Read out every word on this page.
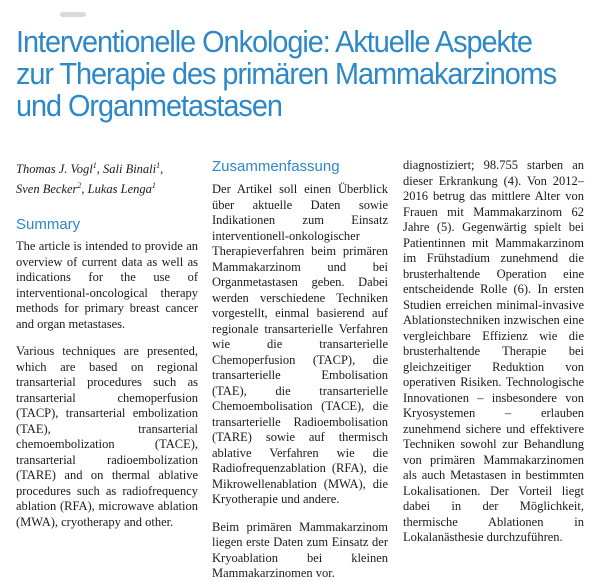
Interventionelle Onkologie: Aktuelle Aspekte
zur Therapie des primären Mammakarzinoms
und Organmetastasen
Thomas J. Vogl$^1$, Sali Binali$^1$,
Sven Becker$^2$, Lukas Lenga$^1$
Summary

The article is intended to provide an overview of current data as well as indications for the use of interventional-oncological therapy methods for primary breast cancer and organ metastases.

Various techniques are presented, which are based on regional transarterial procedures such as transarterial chemoperfusion (TACP), transarterial embolization (TAE), transarterial chemoembolization (TACE), transarterial radioembolization (TARE) and on thermal ablative procedures such as radiofrequency ablation (RFA), microwave ablation (MWA), cryotherapy and other.

Zusammenfassung

Der Artikel soll einen Überblick über aktuelle Daten sowie Indikationen zum Einsatz interventionell-onkologischer Therapieverfahren beim primären Mammakarzinom und bei Organmetastasen geben. Dabei werden verschiedene Techniken vorgestellt, einmal basierend auf regionale transarterielle Verfahren wie die transarterielle Chemoperfusion (TACP), die transarterielle Embolisation (TAE), die transarterielle Chemoembolisation (TACE), die transarterielle Radioembolisation (TARE) sowie auf thermisch ablative Verfahren wie die Radiofrequenzablation (RFA), die Mikrowellenablation (MWA), die Kryotherapie und andere.

Beim primären Mammakarzinom liegen erste Daten zum Einsatz der Kryoablation bei kleinen Mammakarzinomen vor.

diagnostiziert; 98.755 starben an dieser Erkrankung (4). Von 2012–2016 betrug das mittlere Alter von Frauen mit Mammakarzinom 62 Jahre (5). Gegenwärtig spielt bei Patientinnen mit Mammakarzinom im Frühstadium zunehmend die brusterhaltende Operation eine entscheidende Rolle (6). In ersten Studien erreichen minimal-invasive Ablationstechniken inzwischen eine vergleichbare Effizienz wie die brusterhaltende Therapie bei gleichzeitiger Reduktion von operativen Risiken. Technologische Innovationen – insbesondere von Kryosystemen – erlauben zunehmend sichere und effektivere Techniken sowohl zur Behandlung von primären Mammakarzinomen als auch Metastasen in bestimmten Lokalisationen. Der Vorteil liegt dabei in der Möglichkeit, thermische Ablationen in Lokalanästhesie durchzuführen.
